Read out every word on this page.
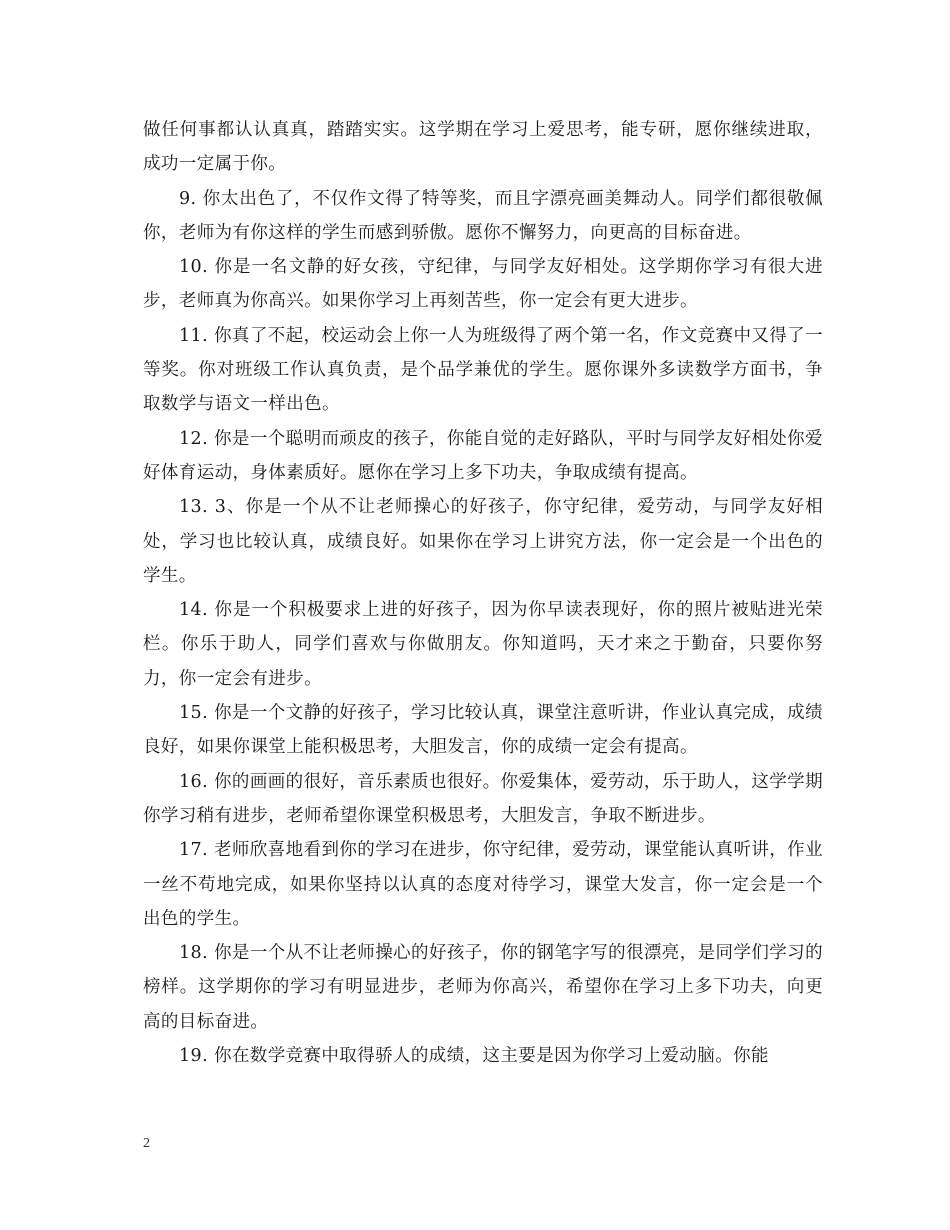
做任何事都认认真真，踏踏实实。这学期在学习上爱思考，能专研，愿你继续进取，成功一定属于你。

9. 你太出色了，不仅作文得了特等奖，而且字漂亮画美舞动人。同学们都很敬佩你，老师为有你这样的学生而感到骄傲。愿你不懈努力，向更高的目标奋进。

10. 你是一名文静的好女孩，守纪律，与同学友好相处。这学期你学习有很大进步，老师真为你高兴。如果你学习上再刻苦些，你一定会有更大进步。

11. 你真了不起，校运动会上你一人为班级得了两个第一名，作文竞赛中又得了一等奖。你对班级工作认真负责，是个品学兼优的学生。愿你课外多读数学方面书，争取数学与语文一样出色。

12. 你是一个聪明而顽皮的孩子，你能自觉的走好路队，平时与同学友好相处你爱好体育运动，身体素质好。愿你在学习上多下功夫，争取成绩有提高。

13. 3、你是一个从不让老师操心的好孩子，你守纪律，爱劳动，与同学友好相处，学习也比较认真，成绩良好。如果你在学习上讲究方法，你一定会是一个出色的学生。

14. 你是一个积极要求上进的好孩子，因为你早读表现好，你的照片被贴进光荣栏。你乐于助人，同学们喜欢与你做朋友。你知道吗，天才来之于勤奋，只要你努力，你一定会有进步。

15. 你是一个文静的好孩子，学习比较认真，课堂注意听讲，作业认真完成，成绩良好，如果你课堂上能积极思考，大胆发言，你的成绩一定会有提高。

16. 你的画画的很好，音乐素质也很好。你爱集体，爱劳动，乐于助人，这学学期你学习稍有进步，老师希望你课堂积极思考，大胆发言，争取不断进步。

17. 老师欣喜地看到你的学习在进步，你守纪律，爱劳动，课堂能认真听讲，作业一丝不苟地完成，如果你坚持以认真的态度对待学习，课堂大发言，你一定会是一个出色的学生。

18. 你是一个从不让老师操心的好孩子，你的钢笔字写的很漂亮，是同学们学习的榜样。这学期你的学习有明显进步，老师为你高兴，希望你在学习上多下功夫，向更高的目标奋进。

19. 你在数学竞赛中取得骄人的成绩，这主要是因为你学习上爱动脑。你能

2
